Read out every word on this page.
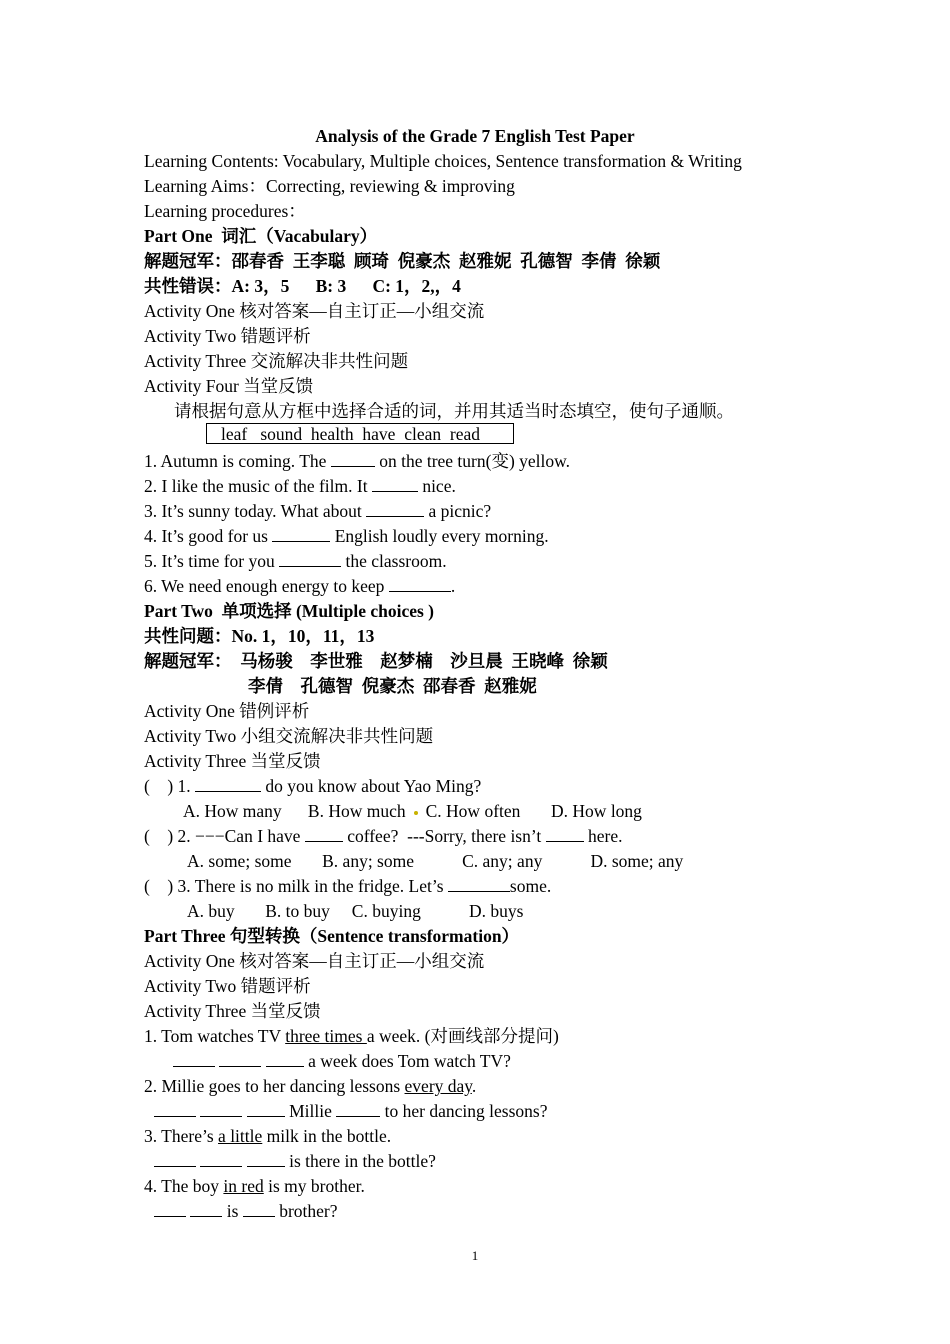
Analysis of the Grade 7 English Test Paper
Learning Contents: Vocabulary, Multiple choices, Sentence transformation & Writing
Learning Aims：Correcting, reviewing & improving
Learning procedures：
Part One  词汇（Vacabulary）
解题冠军：邵春香  王李聪  顾琦  倪豪杰  赵雅妮  孔德智  李倩  徐颖
共性错误：A: 3，5      B: 3      C: 1，2,，4
Activity One 核对答案—自主订正—小组交流
Activity Two 错题评析
Activity Three 交流解决非共性问题
Activity Four 当堂反馈
请根据句意从方框中选择合适的词，并用其适当时态填空，使句子通顺。
leaf   sound  health  have  clean  read
1. Autumn is coming. The	on the tree turn(变) yellow.
2. I like the music of the film. It	nice.
3. It’s sunny today. What about	a picnic?
4. It’s good for us	English loudly every morning.
5. It’s time for you	the classroom.
6. We need enough energy to keep	.
Part Two  单项选择 (Multiple choices )
共性问题：No. 1，10，11，13
解题冠军：  马杨骏    李世雅    赵梦楠    沙旦晨  王晓峰  徐颖
李倩    孔德智  倪豪杰  邵春香  赵雅妮
Activity One 错例评析
Activity Two 小组交流解决非共性问题
Activity Three 当堂反馈
(    ) 1.	do you know about Yao Ming?
A. How many      B. How much C. How often       D. How long
(    ) 2. −−−Can I have  coffee?  ---Sorry, there isn’t  here.
A. some; some       B. any; some           C. any; any           D. some; any
(    ) 3. There is no milk in the fridge. Let’s	some.
A. buy       B. to buy     C. buying           D. buys
Part Three 句型转换（Sentence transformation）
Activity One 核对答案—自主订正—小组交流
Activity Two 错题评析
Activity Three 当堂反馈
1. Tom watches TV three times a week. (对画线部分提问)
a week does Tom watch TV?
2. Millie goes to her dancing lessons every day.
Millie	to her dancing lessons?
3. There’s a little milk in the bottle.
is there in the bottle?
4. The boy in red is my brother.
is  brother?
1
